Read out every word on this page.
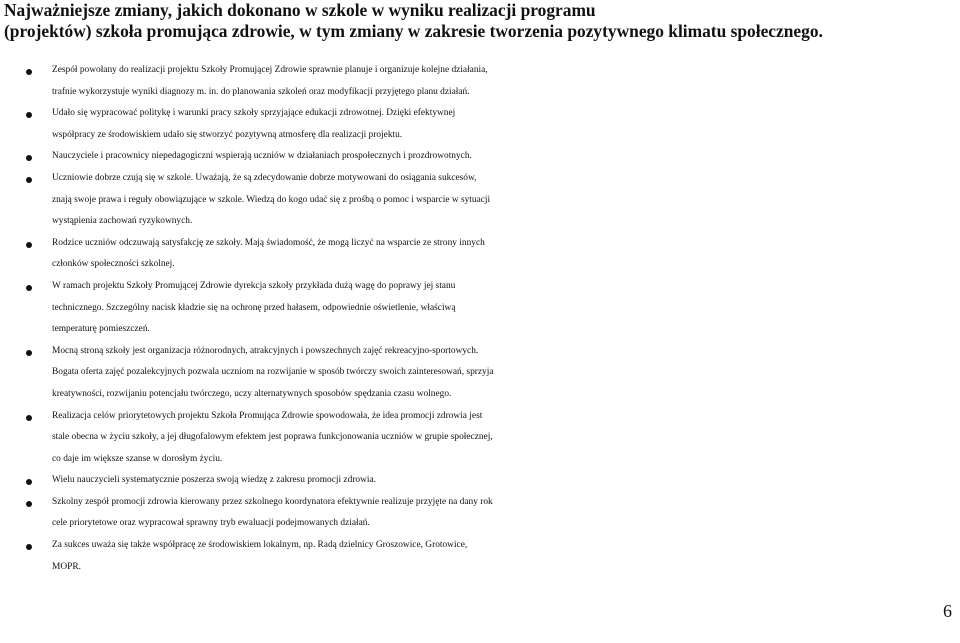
Najważniejsze zmiany, jakich dokonano w szkole w wyniku realizacji programu
(projektów) szkoła promująca zdrowie, w tym zmiany w zakresie tworzenia pozytywnego klimatu społecznego.
Zespół powołany do realizacji projektu Szkoły Promującej Zdrowie sprawnie planuje i organizuje kolejne działania,
trafnie wykorzystuje wyniki diagnozy m. in. do planowania szkoleń oraz modyfikacji przyjętego planu działań.
Udało się wypracować politykę i warunki pracy szkoły sprzyjające edukacji zdrowotnej. Dzięki efektywnej
współpracy ze środowiskiem udało się stworzyć pozytywną atmosferę dla realizacji projektu.
Nauczyciele i pracownicy niepedagogiczni wspierają uczniów w działaniach prospołecznych i prozdrowotnych.
Uczniowie dobrze czują się w szkole. Uważają, że są zdecydowanie dobrze motywowani do osiągania sukcesów,
znają swoje prawa i reguły obowiązujące w szkole. Wiedzą do kogo udać się z prośbą o pomoc i wsparcie w sytuacji
wystąpienia zachowań ryzykownych.
Rodzice uczniów odczuwają satysfakcję ze szkoły. Mają świadomość, że mogą liczyć na wsparcie ze strony innych
członków społeczności szkolnej.
W ramach projektu Szkoły Promującej Zdrowie dyrekcja szkoły przykłada dużą wagę do poprawy jej stanu
technicznego. Szczególny nacisk kładzie się na ochronę przed hałasem, odpowiednie oświetlenie, właściwą
temperaturę pomieszczeń.
Mocną stroną szkoły jest organizacja różnorodnych, atrakcyjnych i powszechnych zajęć rekreacyjno-sportowych.
Bogata oferta zajęć pozalekcyjnych pozwala uczniom na rozwijanie w sposób twórczy swoich zainteresowań, sprzyja
kreatywności, rozwijaniu potencjału twórczego, uczy alternatywnych sposobów spędzania czasu wolnego.
Realizacja celów priorytetowych projektu Szkoła Promująca Zdrowie spowodowała, że idea promocji zdrowia jest
stale obecna w życiu szkoły, a jej długofalowym efektem jest poprawa funkcjonowania uczniów w grupie społecznej,
co daje im większe szanse w dorosłym życiu.
Wielu nauczycieli systematycznie poszerza swoją wiedzę z zakresu promocji zdrowia.
Szkolny zespół promocji zdrowia kierowany przez szkolnego koordynatora efektywnie realizuje przyjęte na dany rok
cele priorytetowe oraz wypracował sprawny tryb ewaluacji podejmowanych działań.
Za sukces uważa się także współpracę ze środowiskiem lokalnym, np. Radą dzielnicy Groszowice, Grotowice,
MOPR.
6
